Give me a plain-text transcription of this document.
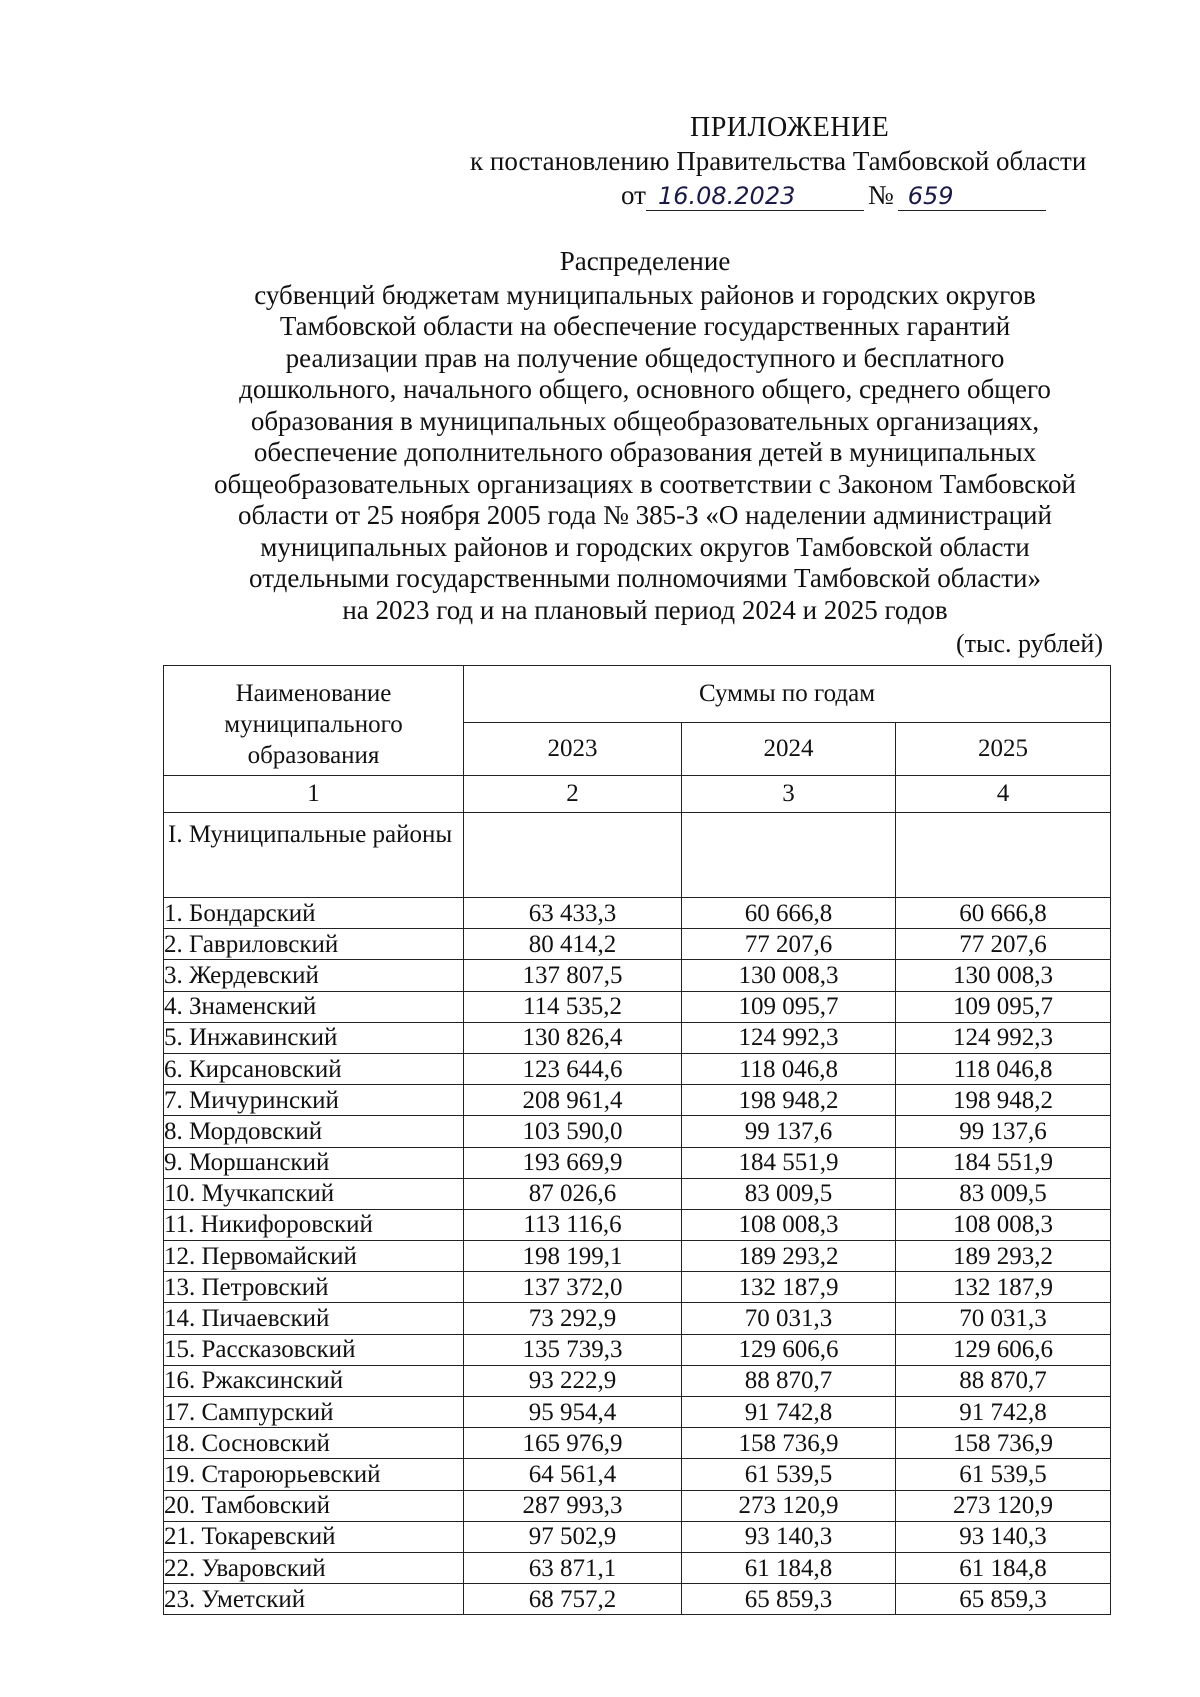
ПРИЛОЖЕНИЕ
к постановлению Правительства Тамбовской области
от 16.08.2023	№ 659
Распределение
субвенций бюджетам муниципальных районов и городских округов
Тамбовской области на обеспечение государственных гарантий
реализации прав на получение общедоступного и бесплатного
дошкольного, начального общего, основного общего, среднего общего
образования в муниципальных общеобразовательных организациях,
обеспечение дополнительного образования детей в муниципальных
общеобразовательных организациях в соответствии с Законом Тамбовской
области от 25 ноября 2005 года № 385-З «О наделении администраций
муниципальных районов и городских округов Тамбовской области
отдельными государственными полномочиями Тамбовской области»
на 2023 год и на плановый период 2024 и 2025 годов
(тыс. рублей)
Наименование муниципального образования	Суммы по годам		
	2023	2024	2025
1	2	3	4
I. Муниципальные районы			
1. Бондарский	63 433,3	60 666,8	60 666,8
2. Гавриловский	80 414,2	77 207,6	77 207,6
3. Жердевский	137 807,5	130 008,3	130 008,3
4. Знаменский	114 535,2	109 095,7	109 095,7
5. Инжавинский	130 826,4	124 992,3	124 992,3
6. Кирсановский	123 644,6	118 046,8	118 046,8
7. Мичуринский	208 961,4	198 948,2	198 948,2
8. Мордовский	103 590,0	99 137,6	99 137,6
9. Моршанский	193 669,9	184 551,9	184 551,9
10. Мучкапский	87 026,6	83 009,5	83 009,5
11. Никифоровский	113 116,6	108 008,3	108 008,3
12. Первомайский	198 199,1	189 293,2	189 293,2
13. Петровский	137 372,0	132 187,9	132 187,9
14. Пичаевский	73 292,9	70 031,3	70 031,3
15. Рассказовский	135 739,3	129 606,6	129 606,6
16. Ржаксинский	93 222,9	88 870,7	88 870,7
17. Сампурский	95 954,4	91 742,8	91 742,8
18. Сосновский	165 976,9	158 736,9	158 736,9
19. Староюрьевский	64 561,4	61 539,5	61 539,5
20. Тамбовский	287 993,3	273 120,9	273 120,9
21. Токаревский	97 502,9	93 140,3	93 140,3
22. Уваровский	63 871,1	61 184,8	61 184,8
23. Уметский	68 757,2	65 859,3	65 859,3
